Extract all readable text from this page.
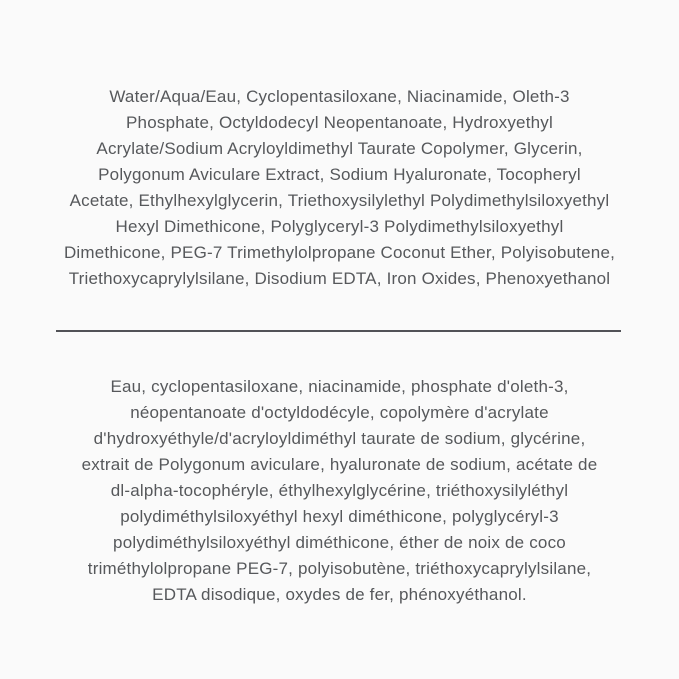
Water/Aqua/Eau, Cyclopentasiloxane, Niacinamide, Oleth-3
Phosphate, Octyldodecyl Neopentanoate, Hydroxyethyl
Acrylate/Sodium Acryloyldimethyl Taurate Copolymer, Glycerin,
Polygonum Aviculare Extract, Sodium Hyaluronate, Tocopheryl
Acetate, Ethylhexylglycerin, Triethoxysilylethyl Polydimethylsiloxyethyl
Hexyl Dimethicone, Polyglyceryl-3 Polydimethylsiloxyethyl
Dimethicone, PEG-7 Trimethylolpropane Coconut Ether, Polyisobutene,
Triethoxycaprylylsilane, Disodium EDTA, Iron Oxides, Phenoxyethanol
Eau, cyclopentasiloxane, niacinamide, phosphate d'oleth-3,
néopentanoate d'octyldodécyle, copolymère d'acrylate
d'hydroxyéthyle/d'acryloyldiméthyl taurate de sodium, glycérine,
extrait de Polygonum aviculare, hyaluronate de sodium, acétate de
dl-alpha-tocophéryle, éthylhexylglycérine, triéthoxysilyléthyl
polydiméthylsiloxyéthyl hexyl diméthicone, polyglycéryl-3
polydiméthylsiloxyéthyl diméthicone, éther de noix de coco
triméthylolpropane PEG-7, polyisobutène, triéthoxycaprylylsilane,
EDTA disodique, oxydes de fer, phénoxyéthanol.
